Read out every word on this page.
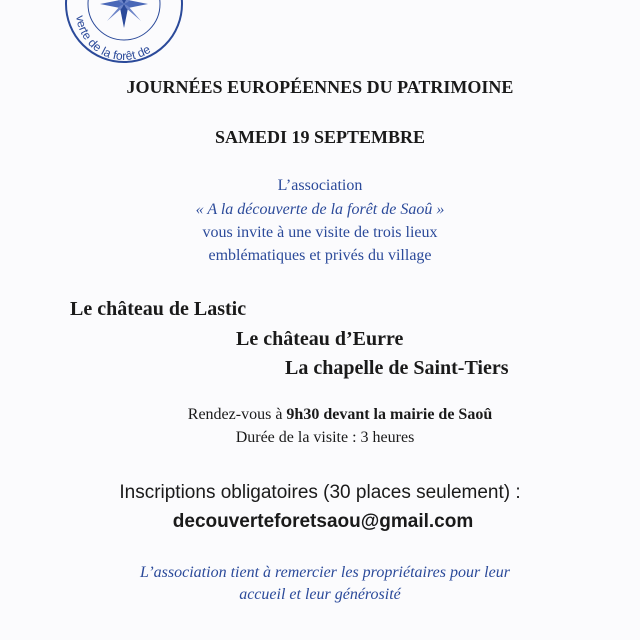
verte de la forêt de
JOURNÉES EUROPÉENNES DU PATRIMOINE
SAMEDI 19 SEPTEMBRE
L’association
« A la découverte de la forêt de Saoû »
vous invite à une visite de trois lieux
emblématiques et privés du village
Le château de Lastic
Le château d’Eurre
La chapelle de Saint-Tiers
Rendez-vous à 9h30 devant la mairie de Saoû
Durée de la visite : 3 heures
Inscriptions obligatoires (30 places seulement) :
decouverteforetsaou@gmail.com
L’association tient à remercier les propriétaires pour leur
accueil et leur générosité
